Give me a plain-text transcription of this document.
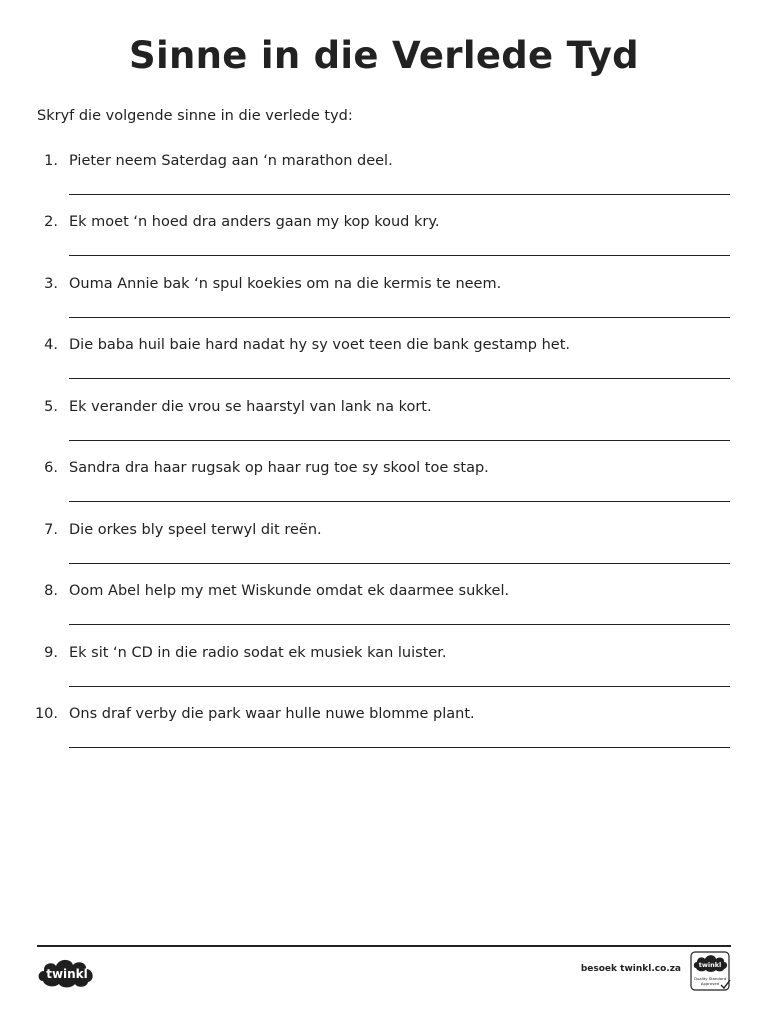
Sinne in die Verlede Tyd
Skryf die volgende sinne in die verlede tyd:
1. Pieter neem Saterdag aan ‘n marathon deel.
2. Ek moet ‘n hoed dra anders gaan my kop koud kry.
3. Ouma Annie bak ‘n spul koekies om na die kermis te neem.
4. Die baba huil baie hard nadat hy sy voet teen die bank gestamp het.
5. Ek verander die vrou se haarstyl van lank na kort.
6. Sandra dra haar rugsak op haar rug toe sy skool toe stap.
7. Die orkes bly speel terwyl dit reën.
8. Oom Abel help my met Wiskunde omdat ek daarmee sukkel.
9. Ek sit ‘n CD in die radio sodat ek musiek kan luister.
10. Ons draf verby die park waar hulle nuwe blomme plant.
twinkl	besoek twinkl.co.za	twinkl
Quality Standard
Approved
